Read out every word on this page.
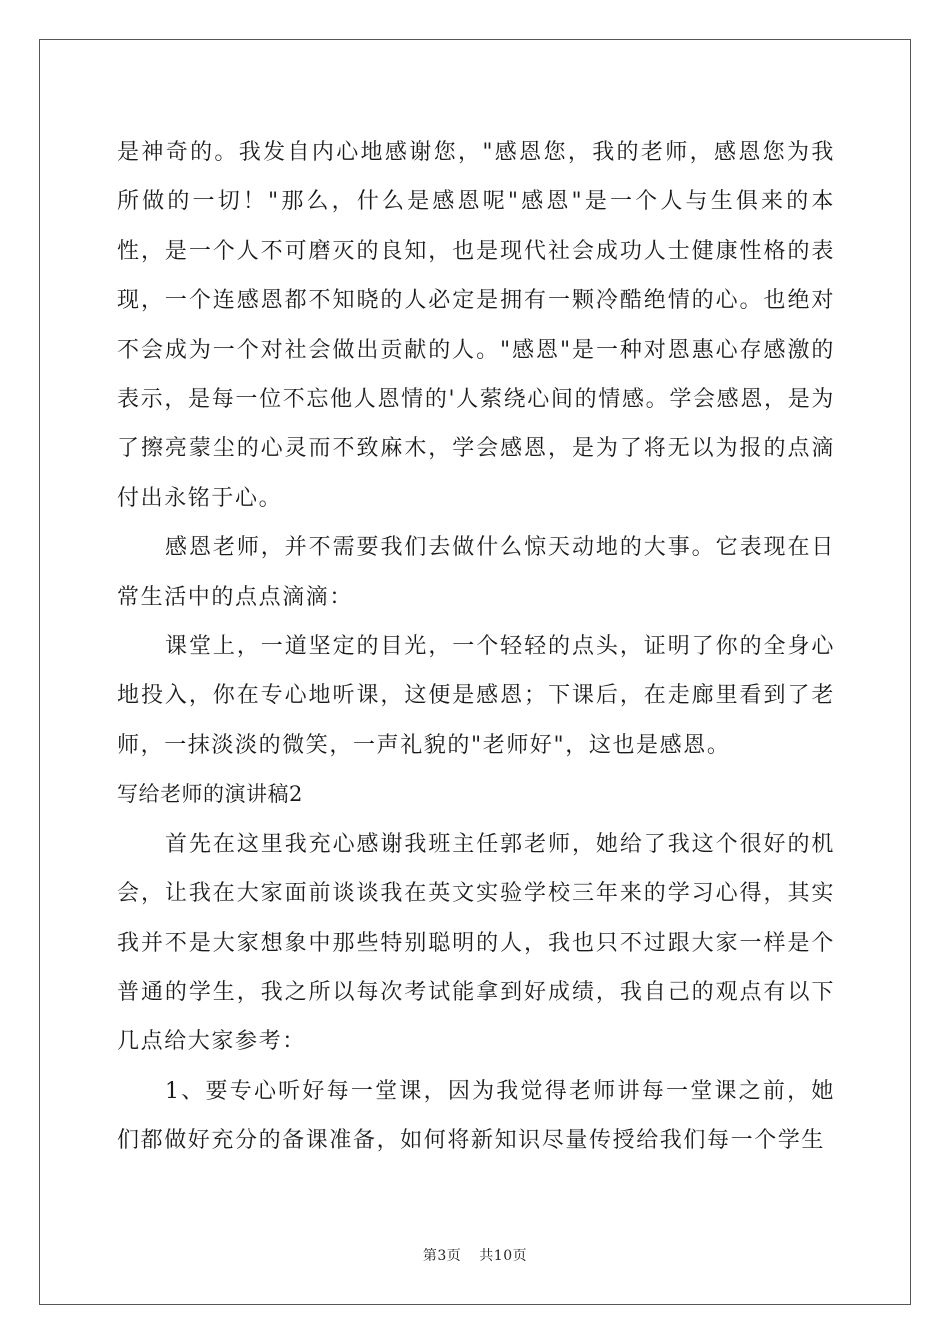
是神奇的。我发自内心地感谢您，"感恩您，我的老师，感恩您为我所做的一切！"那么，什么是感恩呢"感恩"是一个人与生俱来的本性，是一个人不可磨灭的良知，也是现代社会成功人士健康性格的表现，一个连感恩都不知晓的人必定是拥有一颗冷酷绝情的心。也绝对不会成为一个对社会做出贡献的人。"感恩"是一种对恩惠心存感激的表示，是每一位不忘他人恩情的'人萦绕心间的情感。学会感恩，是为了擦亮蒙尘的心灵而不致麻木，学会感恩，是为了将无以为报的点滴付出永铭于心。

感恩老师，并不需要我们去做什么惊天动地的大事。它表现在日常生活中的点点滴滴：

课堂上，一道坚定的目光，一个轻轻的点头，证明了你的全身心地投入，你在专心地听课，这便是感恩；下课后，在走廊里看到了老师，一抹淡淡的微笑，一声礼貌的"老师好"，这也是感恩。

写给老师的演讲稿2

首先在这里我充心感谢我班主任郭老师，她给了我这个很好的机会，让我在大家面前谈谈我在英文实验学校三年来的学习心得，其实我并不是大家想象中那些特别聪明的人，我也只不过跟大家一样是个普通的学生，我之所以每次考试能拿到好成绩，我自己的观点有以下几点给大家参考：

1、要专心听好每一堂课，因为我觉得老师讲每一堂课之前，她们都做好充分的备课准备，如何将新知识尽量传授给我们每一个学生

第3页 共10页
